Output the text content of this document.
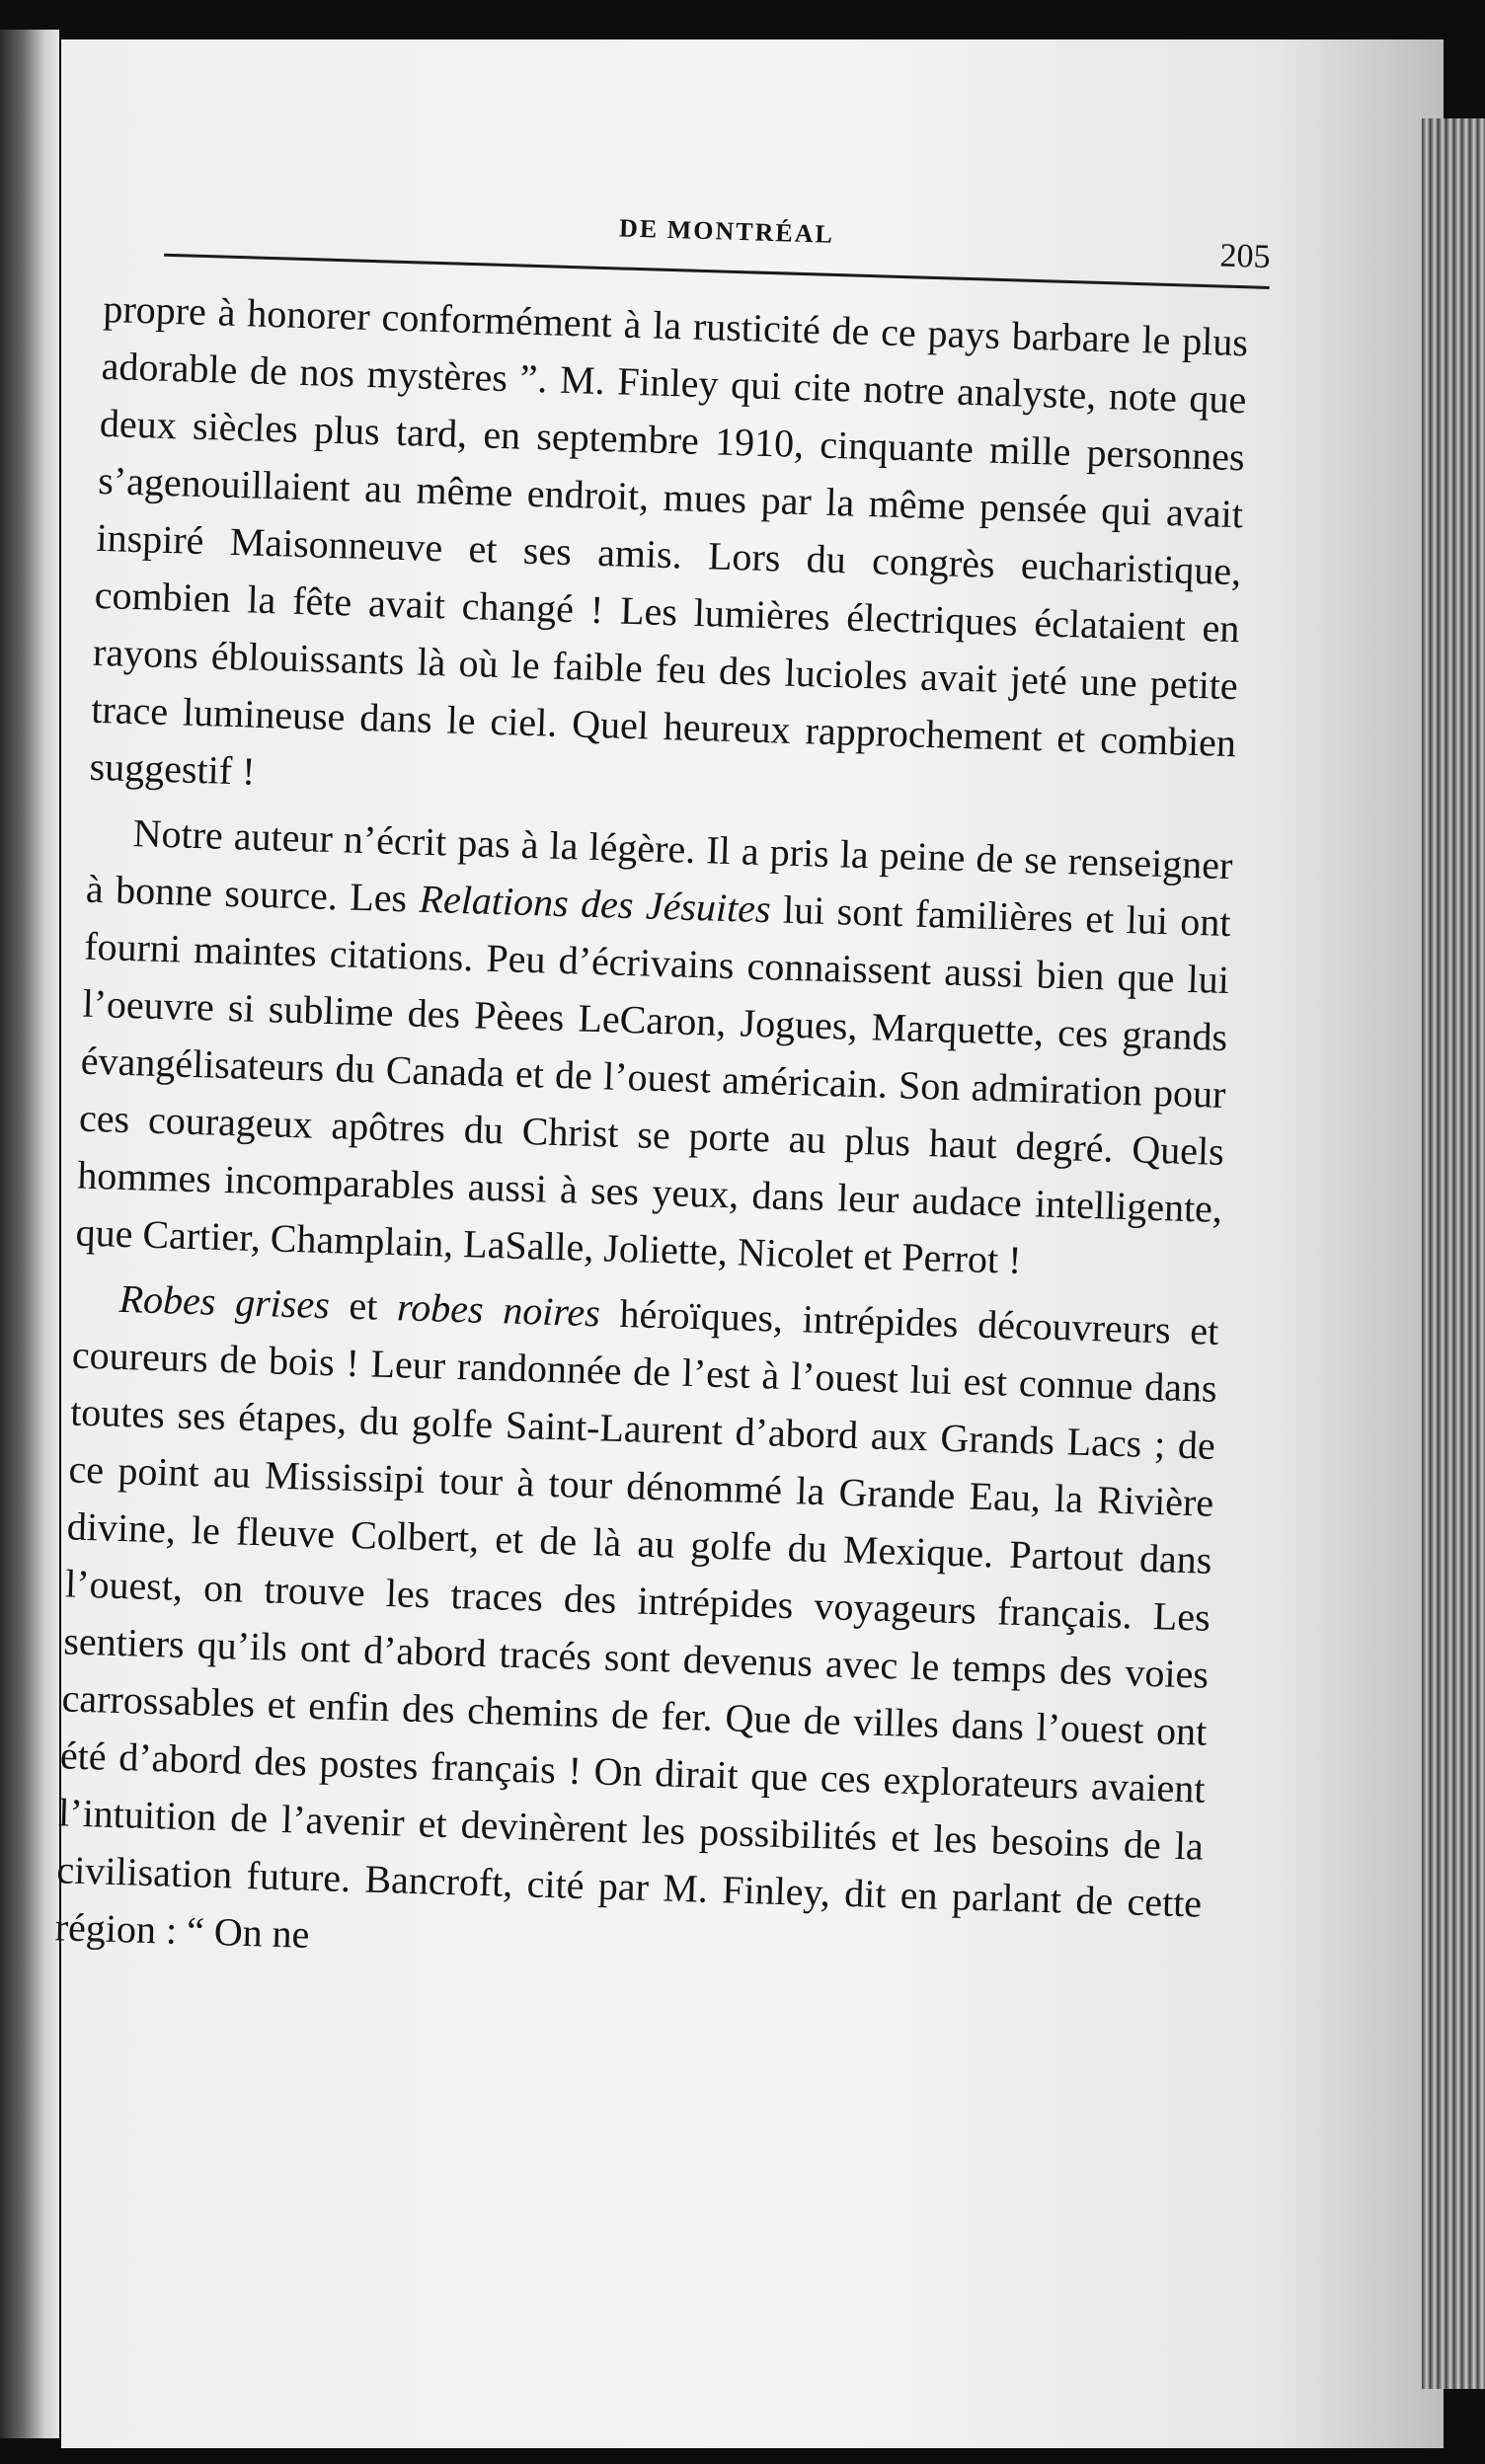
DE MONTRÉAL
205

propre à honorer conformément à la rusticité de ce pays barbare le plus adorable de nos mystères ”. M. Finley qui cite notre analyste, note que deux siècles plus tard, en septembre 1910, cinquante mille personnes s’agenouillaient au même endroit, mues par la même pensée qui avait inspiré Maisonneuve et ses amis. Lors du congrès eucharistique, combien la fête avait changé ! Les lumières électriques éclataient en rayons éblouissants là où le faible feu des lucioles avait jeté une petite trace lumineuse dans le ciel. Quel heureux rapprochement et combien suggestif !

Notre auteur n’écrit pas à la légère. Il a pris la peine de se renseigner à bonne source. Les Relations des Jésuites lui sont familières et lui ont fourni maintes citations. Peu d’écrivains connaissent aussi bien que lui l’oeuvre si sublime des Pèees LeCaron, Jogues, Marquette, ces grands évangélisateurs du Canada et de l’ouest américain. Son admiration pour ces courageux apôtres du Christ se porte au plus haut degré. Quels hommes incomparables aussi à ses yeux, dans leur audace intelligente, que Cartier, Champlain, LaSalle, Joliette, Nicolet et Perrot !

Robes grises et robes noires héroïques, intrépides découvreurs et coureurs de bois ! Leur randonnée de l’est à l’ouest lui est connue dans toutes ses étapes, du golfe Saint-Laurent d’abord aux Grands Lacs ; de ce point au Mississipi tour à tour dénommé la Grande Eau, la Rivière divine, le fleuve Colbert, et de là au golfe du Mexique. Partout dans l’ouest, on trouve les traces des intrépides voyageurs français. Les sentiers qu’ils ont d’abord tracés sont devenus avec le temps des voies carrossables et enfin des chemins de fer. Que de villes dans l’ouest ont été d’abord des postes français ! On dirait que ces explorateurs avaient l’intuition de l’avenir et devinèrent les possibilités et les besoins de la civilisation future. Bancroft, cité par M. Finley, dit en parlant de cette région : “ On ne
